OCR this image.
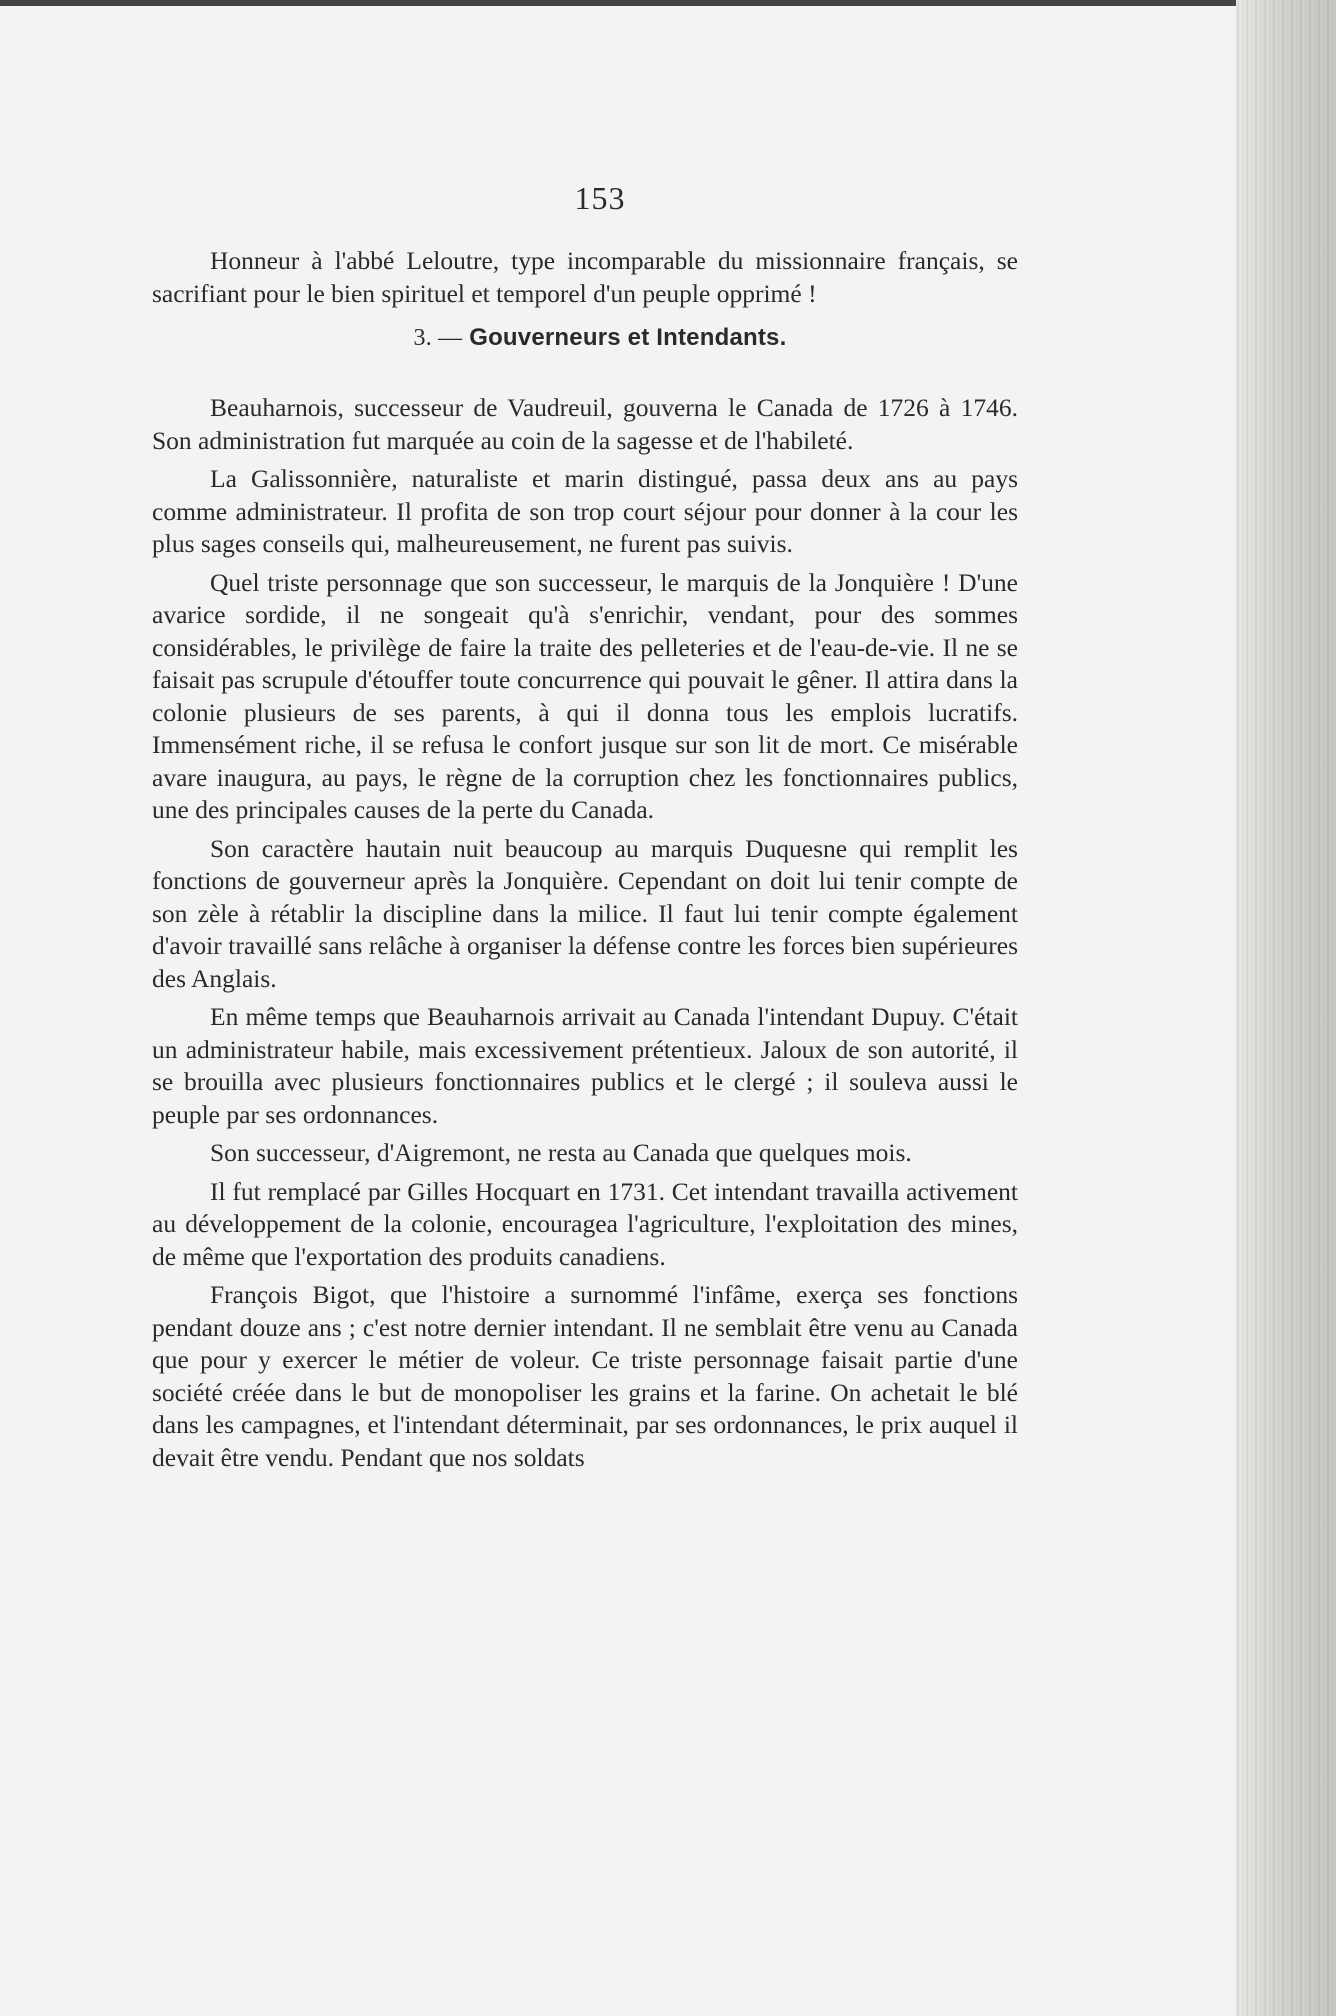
153

Honneur à l'abbé Leloutre, type incomparable du missionnaire français, se sacrifiant pour le bien spirituel et temporel d'un peuple opprimé !

3. — Gouverneurs et Intendants.

Beauharnois, successeur de Vaudreuil, gouverna le Canada de 1726 à 1746. Son administration fut marquée au coin de la sagesse et de l'habileté.

La Galissonnière, naturaliste et marin distingué, passa deux ans au pays comme administrateur. Il profita de son trop court séjour pour donner à la cour les plus sages conseils qui, malheureusement, ne furent pas suivis.

Quel triste personnage que son successeur, le marquis de la Jonquière ! D'une avarice sordide, il ne songeait qu'à s'enrichir, vendant, pour des sommes considérables, le privilège de faire la traite des pelleteries et de l'eau-de-vie. Il ne se faisait pas scrupule d'étouffer toute concurrence qui pouvait le gêner. Il attira dans la colonie plusieurs de ses parents, à qui il donna tous les emplois lucratifs. Immensément riche, il se refusa le confort jusque sur son lit de mort. Ce misérable avare inaugura, au pays, le règne de la corruption chez les fonctionnaires publics, une des principales causes de la perte du Canada.

Son caractère hautain nuit beaucoup au marquis Duquesne qui remplit les fonctions de gouverneur après la Jonquière. Cependant on doit lui tenir compte de son zèle à rétablir la discipline dans la milice. Il faut lui tenir compte également d'avoir travaillé sans relâche à organiser la défense contre les forces bien supérieures des Anglais.

En même temps que Beauharnois arrivait au Canada l'intendant Dupuy. C'était un administrateur habile, mais excessivement prétentieux. Jaloux de son autorité, il se brouilla avec plusieurs fonctionnaires publics et le clergé ; il souleva aussi le peuple par ses ordonnances.

Son successeur, d'Aigremont, ne resta au Canada que quelques mois.

Il fut remplacé par Gilles Hocquart en 1731. Cet intendant travailla activement au développement de la colonie, encouragea l'agriculture, l'exploitation des mines, de même que l'exportation des produits canadiens.

François Bigot, que l'histoire a surnommé l'infâme, exerça ses fonctions pendant douze ans ; c'est notre dernier intendant. Il ne semblait être venu au Canada que pour y exercer le métier de voleur. Ce triste personnage faisait partie d'une société créée dans le but de monopoliser les grains et la farine. On achetait le blé dans les campagnes, et l'intendant déterminait, par ses ordonnances, le prix auquel il devait être vendu. Pendant que nos soldats
